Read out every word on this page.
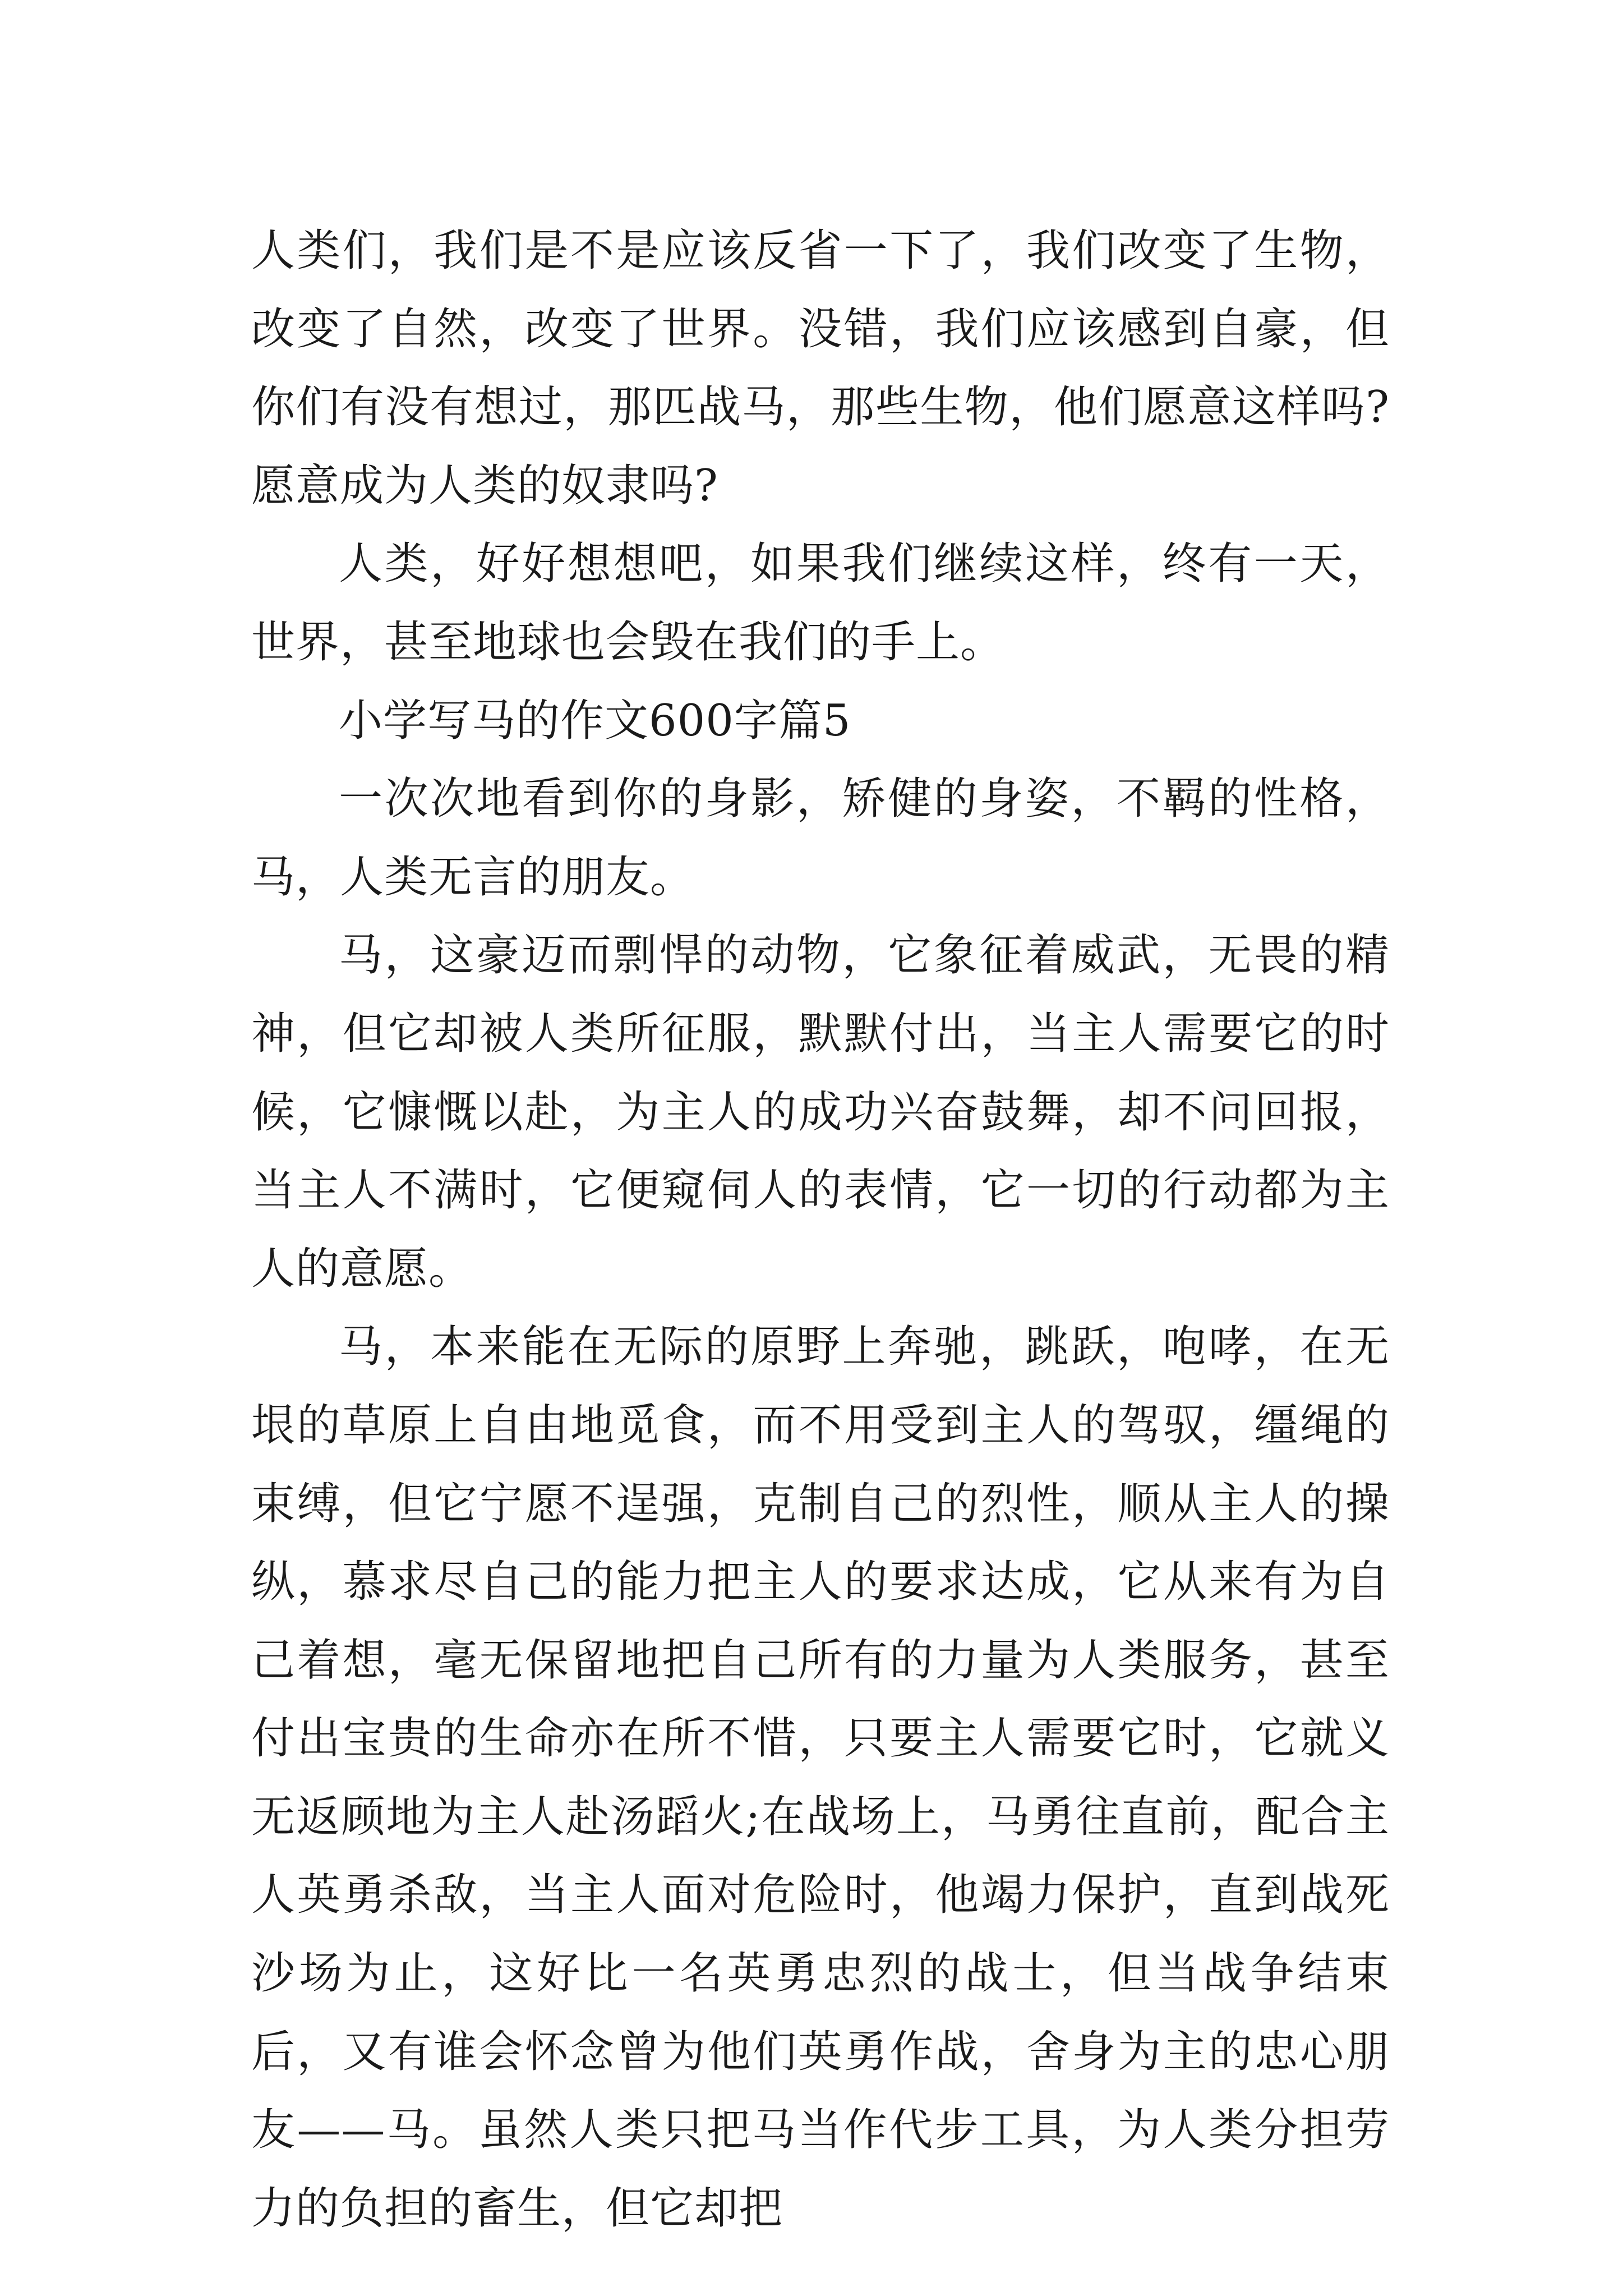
人类们，我们是不是应该反省一下了，我们改变了生物，改变了自然，改变了世界。没错，我们应该感到自豪，但你们有没有想过，那匹战马，那些生物，他们愿意这样吗?愿意成为人类的奴隶吗?

人类，好好想想吧，如果我们继续这样，终有一天，世界，甚至地球也会毁在我们的手上。

小学写马的作文600字篇5

一次次地看到你的身影，矫健的身姿，不羁的性格，马，人类无言的朋友。

马，这豪迈而剽悍的动物，它象征着威武，无畏的精神，但它却被人类所征服，默默付出，当主人需要它的时候，它慷慨以赴，为主人的成功兴奋鼓舞，却不问回报，当主人不满时，它便窥伺人的表情，它一切的行动都为主人的意愿。

马，本来能在无际的原野上奔驰，跳跃，咆哮，在无垠的草原上自由地觅食，而不用受到主人的驾驭，缰绳的束缚，但它宁愿不逞强，克制自己的烈性，顺从主人的操纵，慕求尽自己的能力把主人的要求达成，它从来有为自己着想，毫无保留地把自己所有的力量为人类服务，甚至付出宝贵的生命亦在所不惜，只要主人需要它时，它就义无返顾地为主人赴汤蹈火;在战场上，马勇往直前，配合主人英勇杀敌，当主人面对危险时，他竭力保护，直到战死沙场为止，这好比一名英勇忠烈的战士，但当战争结束后，又有谁会怀念曾为他们英勇作战，舍身为主的忠心朋友——马。虽然人类只把马当作代步工具，为人类分担劳力的负担的畜生，但它却把
